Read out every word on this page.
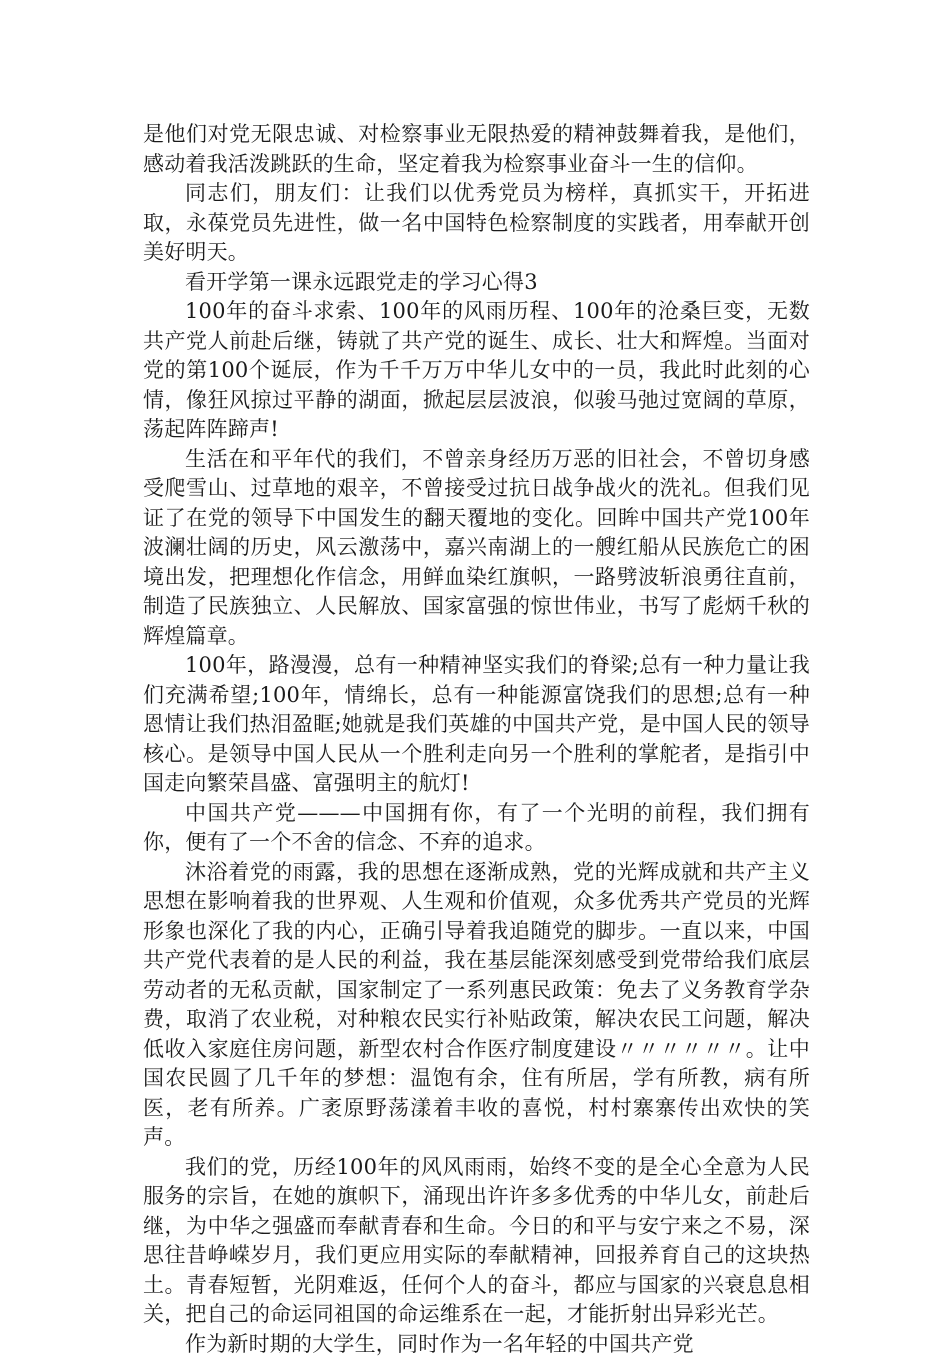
是他们对党无限忠诚、对检察事业无限热爱的精神鼓舞着我，是他们，感动着我活泼跳跃的生命，坚定着我为检察事业奋斗一生的信仰。

同志们，朋友们：让我们以优秀党员为榜样，真抓实干，开拓进取，永葆党员先进性，做一名中国特色检察制度的实践者，用奉献开创美好明天。

看开学第一课永远跟党走的学习心得3

100年的奋斗求索、100年的风雨历程、100年的沧桑巨变，无数共产党人前赴后继，铸就了共产党的诞生、成长、壮大和辉煌。当面对党的第100个诞辰，作为千千万万中华儿女中的一员，我此时此刻的心情，像狂风掠过平静的湖面，掀起层层波浪，似骏马弛过宽阔的草原，荡起阵阵蹄声!

生活在和平年代的我们，不曾亲身经历万恶的旧社会，不曾切身感受爬雪山、过草地的艰辛，不曾接受过抗日战争战火的洗礼。但我们见证了在党的领导下中国发生的翻天覆地的变化。回眸中国共产党100年波澜壮阔的历史，风云激荡中，嘉兴南湖上的一艘红船从民族危亡的困境出发，把理想化作信念，用鲜血染红旗帜，一路劈波斩浪勇往直前，制造了民族独立、人民解放、国家富强的惊世伟业，书写了彪炳千秋的辉煌篇章。

100年，路漫漫，总有一种精神坚实我们的脊梁;总有一种力量让我们充满希望;100年，情绵长，总有一种能源富饶我们的思想;总有一种恩情让我们热泪盈眶;她就是我们英雄的中国共产党，是中国人民的领导核心。是领导中国人民从一个胜利走向另一个胜利的掌舵者，是指引中国走向繁荣昌盛、富强明主的航灯!

中国共产党———中国拥有你，有了一个光明的前程，我们拥有你，便有了一个不舍的信念、不弃的追求。

沐浴着党的雨露，我的思想在逐渐成熟，党的光辉成就和共产主义思想在影响着我的世界观、人生观和价值观，众多优秀共产党员的光辉形象也深化了我的内心，正确引导着我追随党的脚步。一直以来，中国共产党代表着的是人民的利益，我在基层能深刻感受到党带给我们底层劳动者的无私贡献，国家制定了一系列惠民政策：免去了义务教育学杂费，取消了农业税，对种粮农民实行补贴政策，解决农民工问题，解决低收入家庭住房问题，新型农村合作医疗制度建设〃〃〃〃〃〃。让中国农民圆了几千年的梦想：温饱有余，住有所居，学有所教，病有所医，老有所养。广袤原野荡漾着丰收的喜悦，村村寨寨传出欢快的笑声。

我们的党，历经100年的风风雨雨，始终不变的是全心全意为人民服务的宗旨，在她的旗帜下，涌现出许许多多优秀的中华儿女，前赴后继，为中华之强盛而奉献青春和生命。今日的和平与安宁来之不易，深思往昔峥嵘岁月，我们更应用实际的奉献精神，回报养育自己的这块热土。青春短暂，光阴难返，任何个人的奋斗，都应与国家的兴衰息息相关，把自己的命运同祖国的命运维系在一起，才能折射出异彩光芒。

作为新时期的大学生，同时作为一名年轻的中国共产党
